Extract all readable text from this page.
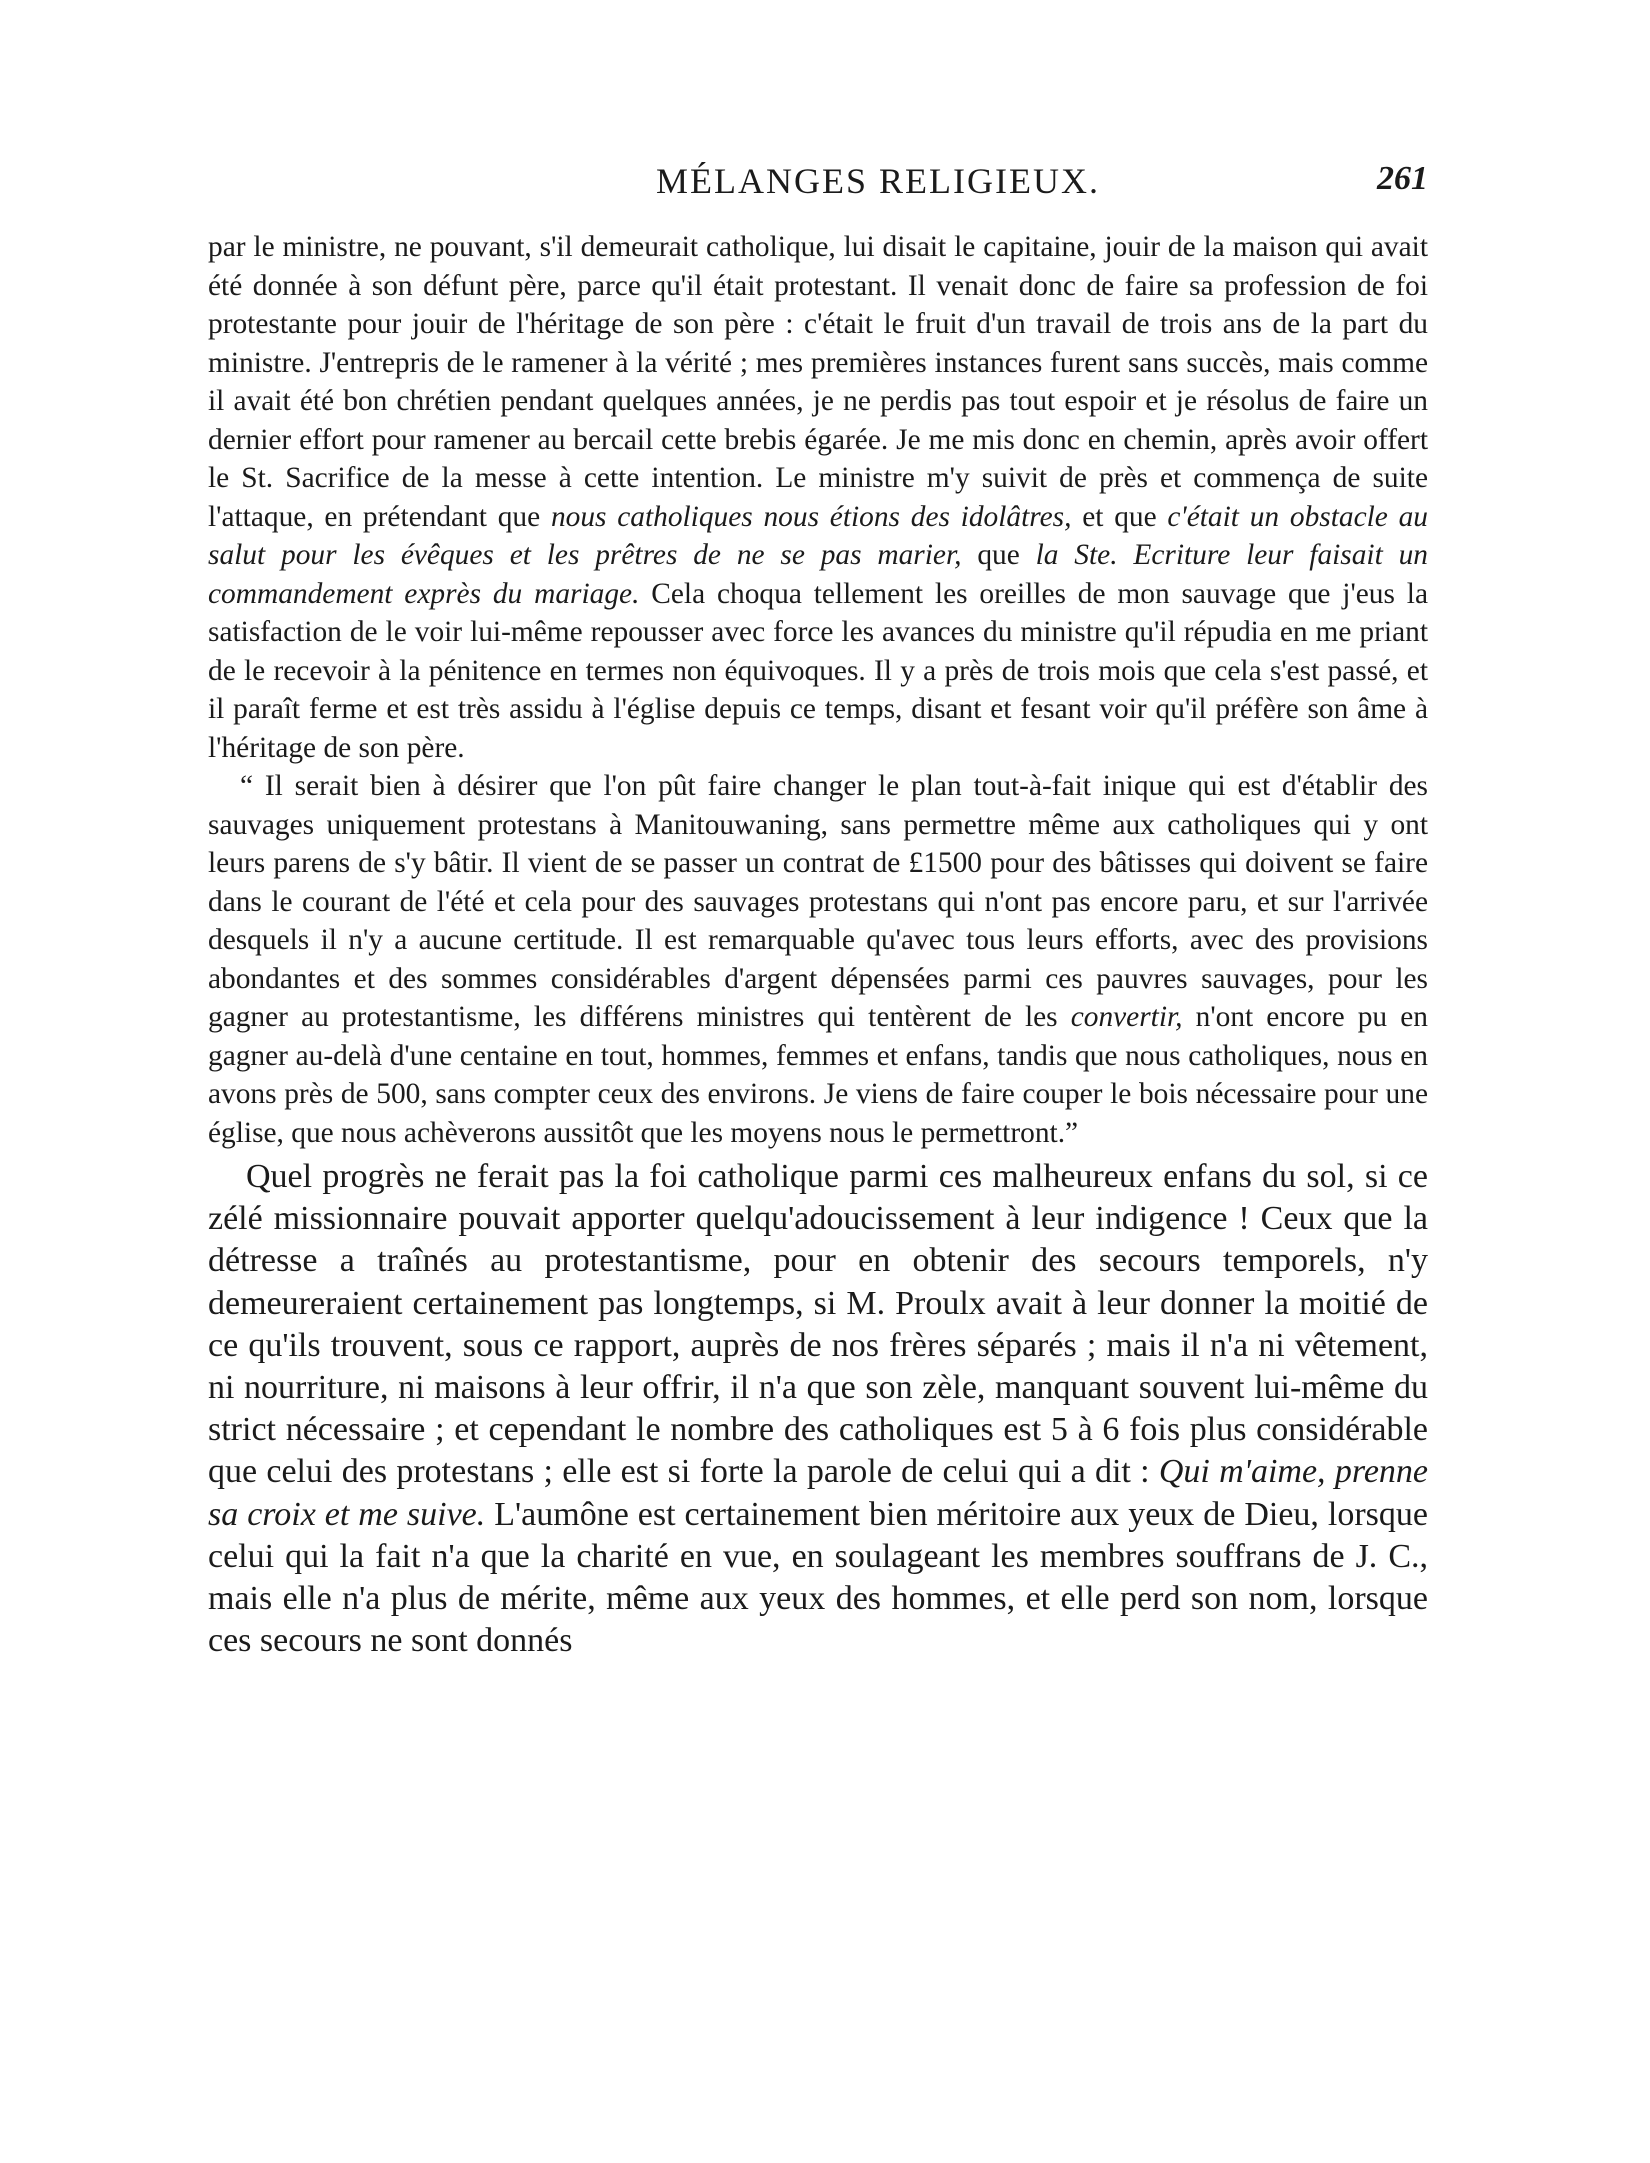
MÉLANGES RELIGIEUX.	261

par le ministre, ne pouvant, s'il demeurait catholique, lui disait le capitaine, jouir de la maison qui avait été donnée à son défunt père, parce qu'il était protestant. Il venait donc de faire sa profession de foi protestante pour jouir de l'héritage de son père : c'était le fruit d'un travail de trois ans de la part du ministre. J'entrepris de le ramener à la vérité ; mes premières instances furent sans succès, mais comme il avait été bon chrétien pendant quelques années, je ne perdis pas tout espoir et je résolus de faire un dernier effort pour ramener au bercail cette brebis égarée. Je me mis donc en chemin, après avoir offert le St. Sacrifice de la messe à cette intention. Le ministre m'y suivit de près et commença de suite l'attaque, en prétendant que nous catholiques nous étions des idolâtres, et que c'était un obstacle au salut pour les évêques et les prêtres de ne se pas marier, que la Ste. Ecriture leur faisait un commandement exprès du mariage. Cela choqua tellement les oreilles de mon sauvage que j'eus la satisfaction de le voir lui-même repousser avec force les avances du ministre qu'il répudia en me priant de le recevoir à la pénitence en termes non équivoques. Il y a près de trois mois que cela s'est passé, et il paraît ferme et est très assidu à l'église depuis ce temps, disant et fesant voir qu'il préfère son âme à l'héritage de son père.

“ Il serait bien à désirer que l'on pût faire changer le plan tout-à-fait inique qui est d'établir des sauvages uniquement protestans à Manitouwaning, sans permettre même aux catholiques qui y ont leurs parens de s'y bâtir. Il vient de se passer un contrat de £1500 pour des bâtisses qui doivent se faire dans le courant de l'été et cela pour des sauvages protestans qui n'ont pas encore paru, et sur l'arrivée desquels il n'y a aucune certitude. Il est remarquable qu'avec tous leurs efforts, avec des provisions abondantes et des sommes considérables d'argent dépensées parmi ces pauvres sauvages, pour les gagner au protestantisme, les différens ministres qui tentèrent de les convertir, n'ont encore pu en gagner au-delà d'une centaine en tout, hommes, femmes et enfans, tandis que nous catholiques, nous en avons près de 500, sans compter ceux des environs. Je viens de faire couper le bois nécessaire pour une église, que nous achèverons aussitôt que les moyens nous le permettront.”

Quel progrès ne ferait pas la foi catholique parmi ces malheureux enfans du sol, si ce zélé missionnaire pouvait apporter quelqu'adoucissement à leur indigence ! Ceux que la détresse a traînés au protestantisme, pour en obtenir des secours temporels, n'y demeureraient certainement pas longtemps, si M. Proulx avait à leur donner la moitié de ce qu'ils trouvent, sous ce rapport, auprès de nos frères séparés ; mais il n'a ni vêtement, ni nourriture, ni maisons à leur offrir, il n'a que son zèle, manquant souvent lui-même du strict nécessaire ; et cependant le nombre des catholiques est 5 à 6 fois plus considérable que celui des protestans ; elle est si forte la parole de celui qui a dit : Qui m'aime, prenne sa croix et me suive. L'aumône est certainement bien méritoire aux yeux de Dieu, lorsque celui qui la fait n'a que la charité en vue, en soulageant les membres souffrans de J. C., mais elle n'a plus de mérite, même aux yeux des hommes, et elle perd son nom, lorsque ces secours ne sont donnés
